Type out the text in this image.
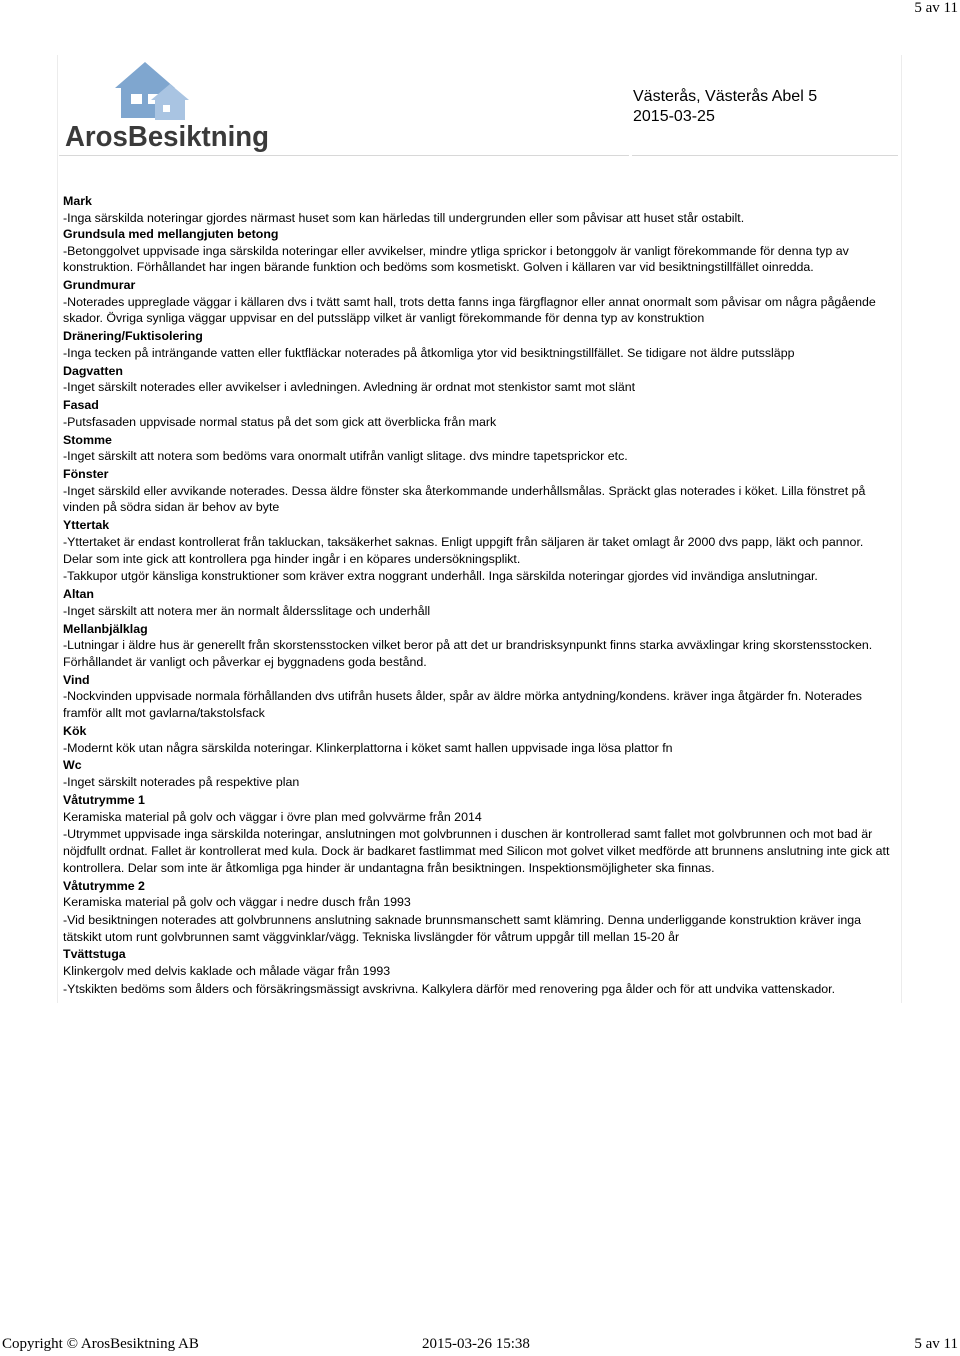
5 av 11
ArosBesiktning
Västerås, Västerås Abel 5
2015-03-25
Mark
-Inga särskilda noteringar gjordes närmast huset som kan härledas till undergrunden eller som påvisar att huset står ostabilt.
Grundsula med mellangjuten betong
-Betonggolvet uppvisade inga särskilda noteringar eller avvikelser, mindre ytliga sprickor i betonggolv är vanligt förekommande för denna typ av konstruktion. Förhållandet har ingen bärande funktion och bedöms som kosmetiskt. Golven i källaren var vid besiktningstillfället oinredda.
Grundmurar
-Noterades uppreglade väggar i källaren dvs i tvätt samt hall, trots detta fanns inga färgflagnor eller annat onormalt som påvisar om några pågående skador. Övriga synliga väggar uppvisar en del putssläpp vilket är vanligt förekommande för denna typ av konstruktion
Dränering/Fuktisolering
-Inga tecken på inträngande vatten eller fuktfläckar noterades på åtkomliga ytor vid besiktningstillfället. Se tidigare not äldre putssläpp
Dagvatten
-Inget särskilt noterades eller avvikelser i avledningen. Avledning är ordnat mot stenkistor samt mot slänt
Fasad
-Putsfasaden uppvisade normal status på det som gick att överblicka från mark
Stomme
-Inget särskilt att notera som bedöms vara onormalt utifrån vanligt slitage. dvs mindre tapetsprickor etc.
Fönster
-Inget särskild eller avvikande noterades. Dessa äldre fönster ska återkommande underhållsmålas. Spräckt glas noterades i köket. Lilla fönstret på vinden på södra sidan är behov av byte
Yttertak
-Yttertaket är endast kontrollerat från takluckan, taksäkerhet saknas. Enligt uppgift från säljaren är taket omlagt år 2000 dvs papp, läkt och pannor. Delar som inte gick att kontrollera pga hinder ingår i en köpares undersökningsplikt.
-Takkupor utgör känsliga konstruktioner som kräver extra noggrant underhåll. Inga särskilda noteringar gjordes vid invändiga anslutningar.
Altan
-Inget särskilt att notera mer än normalt åldersslitage och underhåll
Mellanbjälklag
-Lutningar i äldre hus är generellt från skorstensstocken vilket beror på att det ur brandrisksynpunkt finns starka avväxlingar kring skorstensstocken. Förhållandet är vanligt och påverkar ej byggnadens goda bestånd.
Vind
-Nockvinden uppvisade normala förhållanden dvs utifrån husets ålder, spår av äldre mörka antydning/kondens. kräver inga åtgärder fn. Noterades framför allt mot gavlarna/takstolsfack
Kök
-Modernt kök utan några särskilda noteringar. Klinkerplattorna i köket samt hallen uppvisade inga lösa plattor fn
Wc
-Inget särskilt noterades på respektive plan
Våtutrymme 1
Keramiska material på golv och väggar i övre plan med golvvärme från 2014
-Utrymmet uppvisade inga särskilda noteringar, anslutningen mot golvbrunnen i duschen är kontrollerad samt fallet mot golvbrunnen och mot bad är nöjdfullt ordnat. Fallet är kontrollerat med kula. Dock är badkaret fastlimmat med Silicon mot golvet vilket medförde att brunnens anslutning inte gick att kontrollera. Delar som inte är åtkomliga pga hinder är undantagna från besiktningen. Inspektionsmöjligheter ska finnas.
Våtutrymme 2
Keramiska material på golv och väggar i nedre dusch från 1993
-Vid besiktningen noterades att golvbrunnens anslutning saknade brunnsmanschett samt klämring. Denna underliggande konstruktion kräver inga tätskikt utom runt golvbrunnen samt väggvinklar/vägg. Tekniska livslängder för våtrum uppgår till mellan 15-20 år
Tvättstuga
Klinkergolv med delvis kaklade och målade vägar från 1993
-Ytskikten bedöms som ålders och försäkringsmässigt avskrivna. Kalkylera därför med renovering pga ålder och för att undvika vattenskador.
Copyright © ArosBesiktning AB	2015-03-26 15:38	5 av 11
